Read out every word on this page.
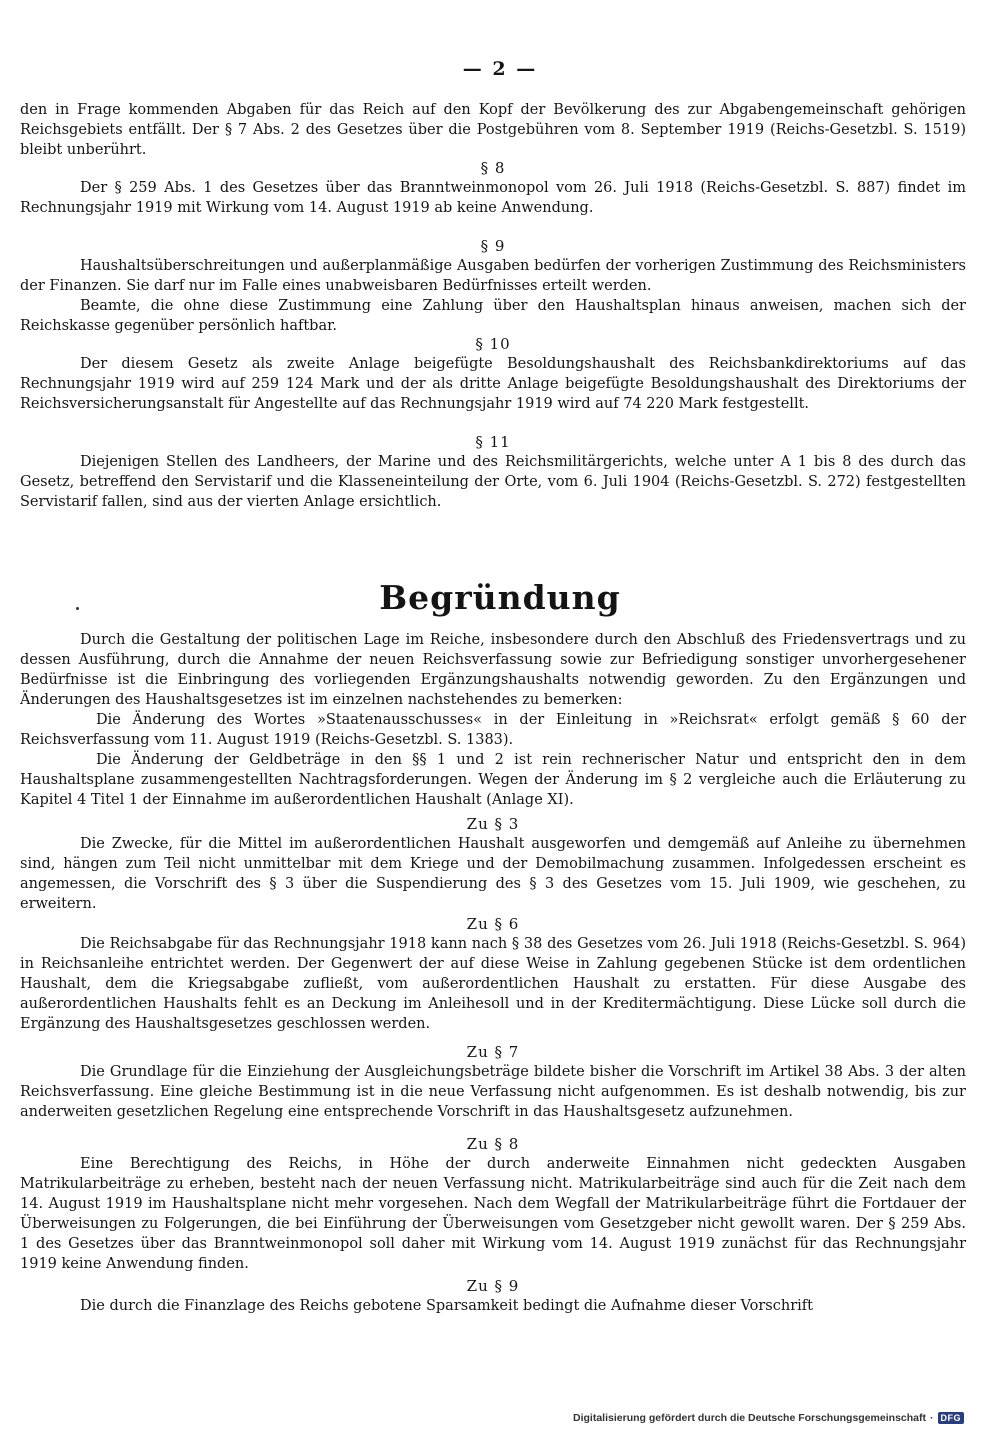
— 2 —

den in Frage kommenden Abgaben für das Reich auf den Kopf der Bevölkerung des zur Abgabengemeinschaft gehörigen Reichsgebiets entfällt. Der § 7 Abs. 2 des Gesetzes über die Postgebühren vom 8. September 1919 (Reichs-Gesetzbl. S. 1519) bleibt unberührt.

§ 8

Der § 259 Abs. 1 des Gesetzes über das Branntweinmonopol vom 26. Juli 1918 (Reichs-Gesetzbl. S. 887) findet im Rechnungsjahr 1919 mit Wirkung vom 14. August 1919 ab keine Anwendung.

§ 9

Haushaltsüberschreitungen und außerplanmäßige Ausgaben bedürfen der vorherigen Zustimmung des Reichsministers der Finanzen. Sie darf nur im Falle eines unabweisbaren Bedürfnisses erteilt werden.

Beamte, die ohne diese Zustimmung eine Zahlung über den Haushaltsplan hinaus anweisen, machen sich der Reichskasse gegenüber persönlich haftbar.

§ 10

Der diesem Gesetz als zweite Anlage beigefügte Besoldungshaushalt des Reichsbankdirektoriums auf das Rechnungsjahr 1919 wird auf 259 124 Mark und der als dritte Anlage beigefügte Besoldungshaushalt des Direktoriums der Reichsversicherungsanstalt für Angestellte auf das Rechnungsjahr 1919 wird auf 74 220 Mark festgestellt.

§ 11

Diejenigen Stellen des Landheers, der Marine und des Reichsmilitärgerichts, welche unter A 1 bis 8 des durch das Gesetz, betreffend den Servistarif und die Klasseneinteilung der Orte, vom 6. Juli 1904 (Reichs-Gesetzbl. S. 272) festgestellten Servistarif fallen, sind aus der vierten Anlage ersichtlich.

Begründung

Durch die Gestaltung der politischen Lage im Reiche, insbesondere durch den Abschluß des Friedensvertrags und zu dessen Ausführung, durch die Annahme der neuen Reichsverfassung sowie zur Befriedigung sonstiger unvorhergesehener Bedürfnisse ist die Einbringung des vorliegenden Ergänzungshaushalts notwendig geworden. Zu den Ergänzungen und Änderungen des Haushaltsgesetzes ist im einzelnen nachstehendes zu bemerken:

Die Änderung des Wortes »Staatenausschusses« in der Einleitung in »Reichsrat« erfolgt gemäß § 60 der Reichsverfassung vom 11. August 1919 (Reichs-Gesetzbl. S. 1383).

Die Änderung der Geldbeträge in den §§ 1 und 2 ist rein rechnerischer Natur und entspricht den in dem Haushaltsplane zusammengestellten Nachtragsforderungen. Wegen der Änderung im § 2 vergleiche auch die Erläuterung zu Kapitel 4 Titel 1 der Einnahme im außerordentlichen Haushalt (Anlage XI).

Zu § 3

Die Zwecke, für die Mittel im außerordentlichen Haushalt ausgeworfen und demgemäß auf Anleihe zu übernehmen sind, hängen zum Teil nicht unmittelbar mit dem Kriege und der Demobilmachung zusammen. Infolgedessen erscheint es angemessen, die Vorschrift des § 3 über die Suspendierung des § 3 des Gesetzes vom 15. Juli 1909, wie geschehen, zu erweitern.

Zu § 6

Die Reichsabgabe für das Rechnungsjahr 1918 kann nach § 38 des Gesetzes vom 26. Juli 1918 (Reichs-Gesetzbl. S. 964) in Reichsanleihe entrichtet werden. Der Gegenwert der auf diese Weise in Zahlung gegebenen Stücke ist dem ordentlichen Haushalt, dem die Kriegsabgabe zufließt, vom außerordentlichen Haushalt zu erstatten. Für diese Ausgabe des außerordentlichen Haushalts fehlt es an Deckung im Anleihesoll und in der Kreditermächtigung. Diese Lücke soll durch die Ergänzung des Haushaltsgesetzes geschlossen werden.

Zu § 7

Die Grundlage für die Einziehung der Ausgleichungsbeträge bildete bisher die Vorschrift im Artikel 38 Abs. 3 der alten Reichsverfassung. Eine gleiche Bestimmung ist in die neue Verfassung nicht aufgenommen. Es ist deshalb notwendig, bis zur anderweiten gesetzlichen Regelung eine entsprechende Vorschrift in das Haushaltsgesetz aufzunehmen.

Zu § 8

Eine Berechtigung des Reichs, in Höhe der durch anderweite Einnahmen nicht gedeckten Ausgaben Matrikularbeiträge zu erheben, besteht nach der neuen Verfassung nicht. Matrikularbeiträge sind auch für die Zeit nach dem 14. August 1919 im Haushaltsplane nicht mehr vorgesehen. Nach dem Wegfall der Matrikularbeiträge führt die Fortdauer der Überweisungen zu Folgerungen, die bei Einführung der Überweisungen vom Gesetzgeber nicht gewollt waren. Der § 259 Abs. 1 des Gesetzes über das Branntweinmonopol soll daher mit Wirkung vom 14. August 1919 zunächst für das Rechnungsjahr 1919 keine Anwendung finden.

Zu § 9

Die durch die Finanzlage des Reichs gebotene Sparsamkeit bedingt die Aufnahme dieser Vorschrift

Digitalisierung gefördert durch die Deutsche Forschungsgemeinschaft · DFG
